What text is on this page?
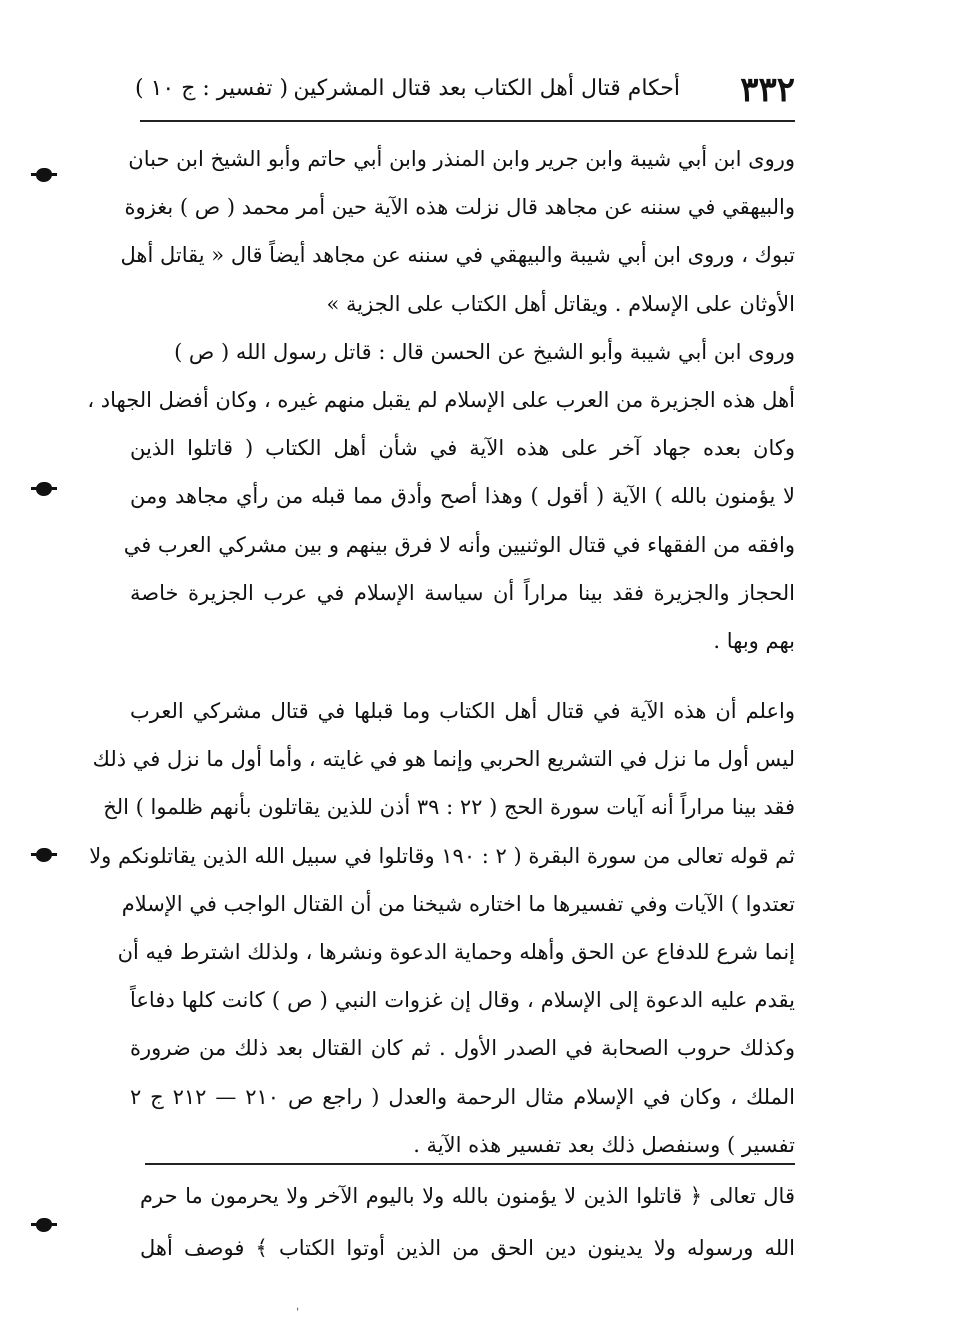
٣٣٢
أحكام قتال أهل الكتاب بعد قتال المشركين
( تفسير : ج ١٠ )
وروى ابن أبي شيبة وابن جرير وابن المنذر وابن أبي حاتم وأبو الشيخ ابن حبان
والبيهقي في سننه عن مجاهد قال نزلت هذه الآية حين أمر محمد ( ص ) بغزوة
تبوك ، وروى ابن أبي شيبة والبيهقي في سننه عن مجاهد أيضاً قال « يقاتل أهل
الأوثان على الإسلام . ويقاتل أهل الكتاب على الجزية »
وروى ابن أبي شيبة وأبو الشيخ عن الحسن قال : قاتل رسول الله ( ص )
أهل هذه الجزيرة من العرب على الإسلام لم يقبل منهم غيره ، وكان أفضل الجهاد ،
وكان بعده جهاد آخر على هذه الآية في شأن أهل الكتاب ( قاتلوا الذين
لا يؤمنون بالله ) الآية ( أقول ) وهذا أصح وأدق مما قبله من رأي مجاهد ومن
وافقه من الفقهاء في قتال الوثنيين وأنه لا فرق بينهم و بين مشركي العرب في
الحجاز والجزيرة فقد بينا مراراً أن سياسة الإسلام في عرب الجزيرة خاصة
بهم وبها .
واعلم أن هذه الآية في قتال أهل الكتاب وما قبلها في قتال مشركي العرب
ليس أول ما نزل في التشريع الحربي وإنما هو في غايته ، وأما أول ما نزل في ذلك
فقد بينا مراراً أنه آيات سورة الحج ( ٢٢ : ٣٩ أذن للذين يقاتلون بأنهم ظلموا ) الخ
ثم قوله تعالى من سورة البقرة ( ٢ : ١٩٠ وقاتلوا في سبيل الله الذين يقاتلونكم ولا
تعتدوا ) الآيات وفي تفسيرها ما اختاره شيخنا من أن القتال الواجب في الإسلام
إنما شرع للدفاع عن الحق وأهله وحماية الدعوة ونشرها ، ولذلك اشترط فيه أن
يقدم عليه الدعوة إلى الإسلام ، وقال إن غزوات النبي ( ص ) كانت كلها دفاعاً
وكذلك حروب الصحابة في الصدر الأول . ثم كان القتال بعد ذلك من ضرورة
الملك ، وكان في الإسلام مثال الرحمة والعدل ( راجع ص ٢١٠ — ٢١٢ ج ٢
تفسير ) وسنفصل ذلك بعد تفسير هذه الآية .
قال تعالى ﴿ قاتلوا الذين لا يؤمنون بالله ولا باليوم الآخر ولا يحرمون ما حرم
الله ورسوله ولا يدينون دين الحق من الذين أوتوا الكتاب ﴾ فوصف أهل
ˌ
